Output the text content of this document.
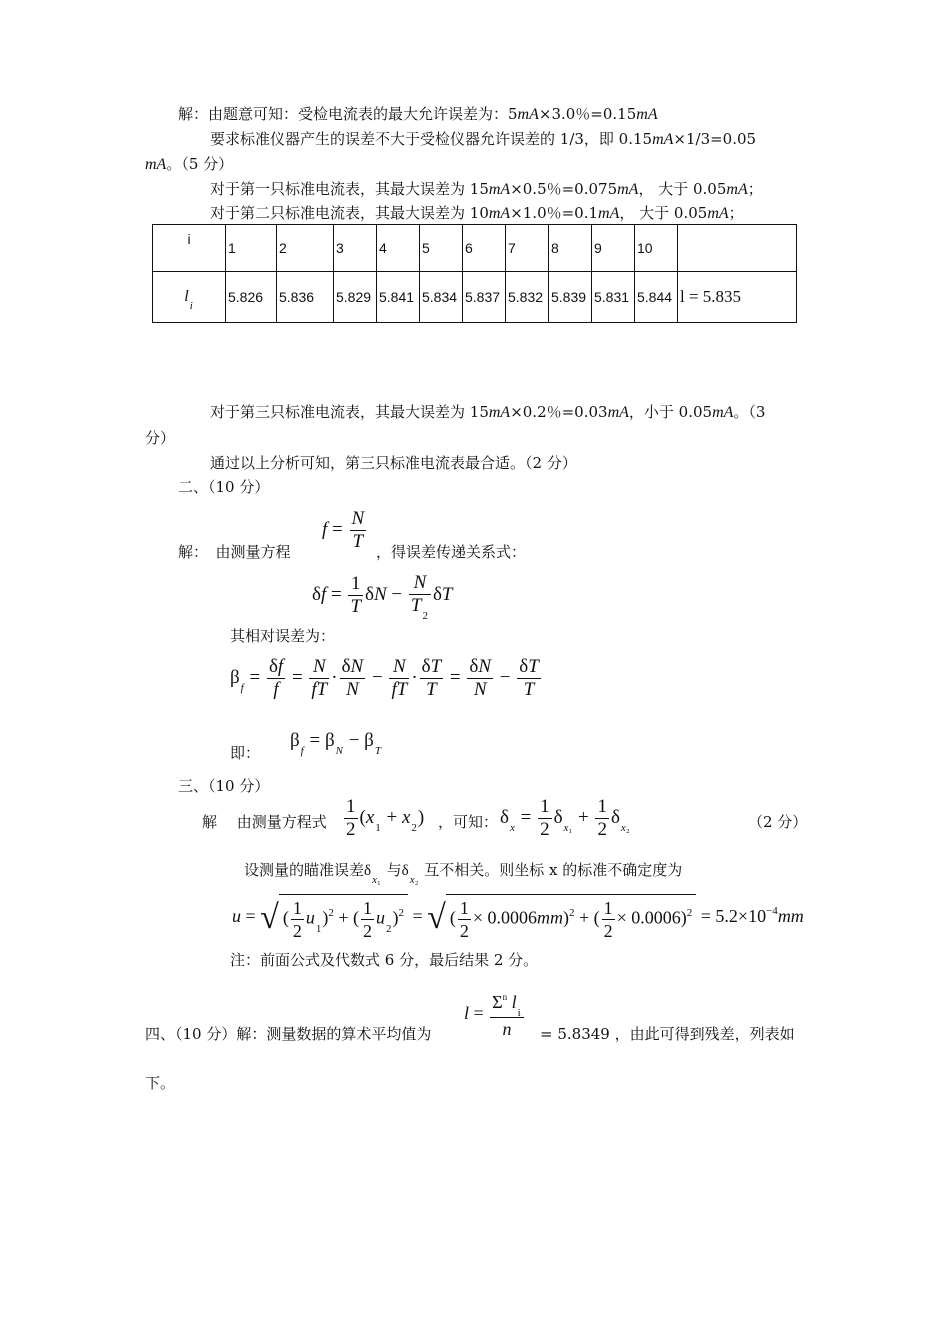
解：由题意可知：受检电流表的最大允许误差为：5mA×3.0％=0.15mA
要求标准仪器产生的误差不大于受检仪器允许误差的 1/3，即 0.15mA×1/3=0.05
mA。（5 分）
对于第一只标准电流表，其最大误差为 15mA×0.5％=0.075mA， 大于 0.05mA；
对于第二只标准电流表，其最大误差为 10mA×1.0％=0.1mA， 大于 0.05mA；
i	1	2	3	4	5	6	7	8	9	10	
$l_i$	5.826	5.836	5.829	5.841	5.834	5.837	5.832	5.839	5.831	5.844	l = 5.835
对于第三只标准电流表，其最大误差为 15mA×0.2％=0.03mA，小于 0.05mA。（3
分）
通过以上分析可知，第三只标准电流表最合适。（2 分）
二、（10 分）
解：　由测量方程
$f = \frac{N}{T}$ ，得误差传递关系式：
$\delta f = \frac{1}{T}$ $\delta N - \frac{N}{T_2}$ δT
其相对误差为：
$\beta_f = \frac{\delta f}{f} = \frac{N}{fT} \cdot \frac{\delta N}{N} - \frac{N}{fT} \cdot \frac{\delta T}{T} = \frac{\delta N}{N} - \frac{\delta T}{T}$
即：
$\beta_f = \beta_N - \beta_T$
三、（10 分）
解　 由测量方程式 $\frac{1}{2} (x_1 + x_2)$ ，可知： $\delta_x = \frac{1}{2} \delta_{x_1} + \frac{1}{2} \delta_{x_2}$	（2 分）
设测量的瞄准误差$\delta_{x_1}$ 与$\delta_{x_2}$ 互不相关。则坐标 x 的标准不确定度为
u = √ ( $\frac{1}{2} u_1)^2$ + ( $\frac{1}{2} u_2)^2$ = √ ( $\frac{1}{2} \times 0.0006mm)^2$ + ( $\frac{1}{2} \times 0.0006)^2 = 5.2\times 10^{-4}mm$
注：前面公式及代数式 6 分，最后结果 2 分。
四、（10 分）解：测量数据的算术平均值为
$l = \frac{\Sigma^n l_i}{n} = 5.8349$ ，由此可得到残差，列表如
下。
